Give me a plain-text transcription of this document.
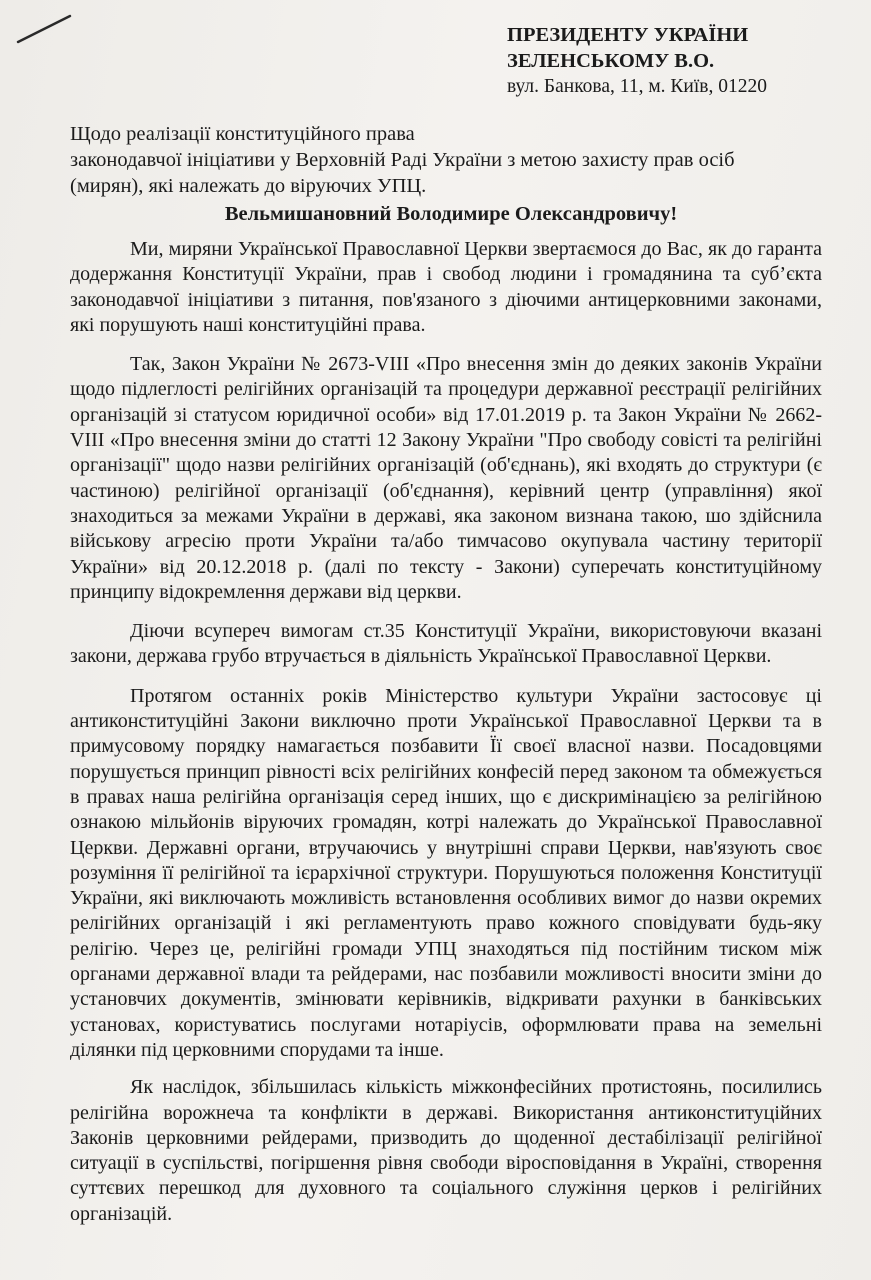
ПРЕЗИДЕНТУ УКРАЇНИ
ЗЕЛЕНСЬКОМУ В.О.
вул. Банкова, 11, м. Київ, 01220
Щодо реалізації конституційного права
законодавчої ініціативи у Верховній Раді України з метою захисту прав осіб
(мирян), які належать до віруючих УПЦ.
Вельмишановний Володимире Олександровичу!

Ми, миряни Української Православної Церкви звертаємося до Вас, як до гаранта додержання Конституції України, прав і свобод людини і громадянина та суб’єкта законодавчої ініціативи з питання, пов'язаного з діючими антицерковними законами, які порушують наші конституційні права.

Так, Закон України № 2673-VIII «Про внесення змін до деяких законів України щодо підлеглості релігійних організацій та процедури державної реєстрації релігійних організацій зі статусом юридичної особи» від 17.01.2019 р. та Закон України № 2662-VIII «Про внесення зміни до статті 12 Закону України "Про свободу совісті та релігійні організації" щодо назви релігійних організацій (об'єднань), які входять до структури (є частиною) релігійної організації (об'єднання), керівний центр (управління) якої знаходиться за межами України в державі, яка законом визнана такою, шо здійснила військову агресію проти України та/або тимчасово окупувала частину території України» від 20.12.2018 р. (далі по тексту - Закони) суперечать конституційному принципу відокремлення держави від церкви.

Діючи всупереч вимогам ст.35 Конституції України, використовуючи вказані закони, держава грубо втручається в діяльність Української Православної Церкви.

Протягом останніх років Міністерство культури України застосовує ці антиконституційні Закони виключно проти Української Православної Церкви та в примусовому порядку намагається позбавити Її своєї власної назви. Посадовцями порушується принцип рівності всіх релігійних конфесій перед законом та обмежується в правах наша релігійна організація серед інших, що є дискримінацією за релігійною ознакою мільйонів віруючих громадян, котрі належать до Української Православної Церкви. Державні органи, втручаючись у внутрішні справи Церкви, нав'язують своє розуміння її релігійної та ієрархічної структури. Порушуються положення Конституції України, які виключають можливість встановлення особливих вимог до назви окремих релігійних організацій і які регламентують право кожного сповідувати будь-яку релігію. Через це, релігійні громади УПЦ знаходяться під постійним тиском між органами державної влади та рейдерами, нас позбавили можливості вносити зміни до установчих документів, змінювати керівників, відкривати рахунки в банківських установах, користуватись послугами нотаріусів, оформлювати права на земельні ділянки під церковними спорудами та інше.

Як наслідок, збільшилась кількість міжконфесійних протистоянь, посилились релігійна ворожнеча та конфлікти в державі. Використання антиконституційних Законів церковними рейдерами, призводить до щоденної дестабілізації релігійної ситуації в суспільстві, погіршення рівня свободи віросповідання в Україні, створення суттєвих перешкод для духовного та соціального служіння церков і релігійних організацій.
